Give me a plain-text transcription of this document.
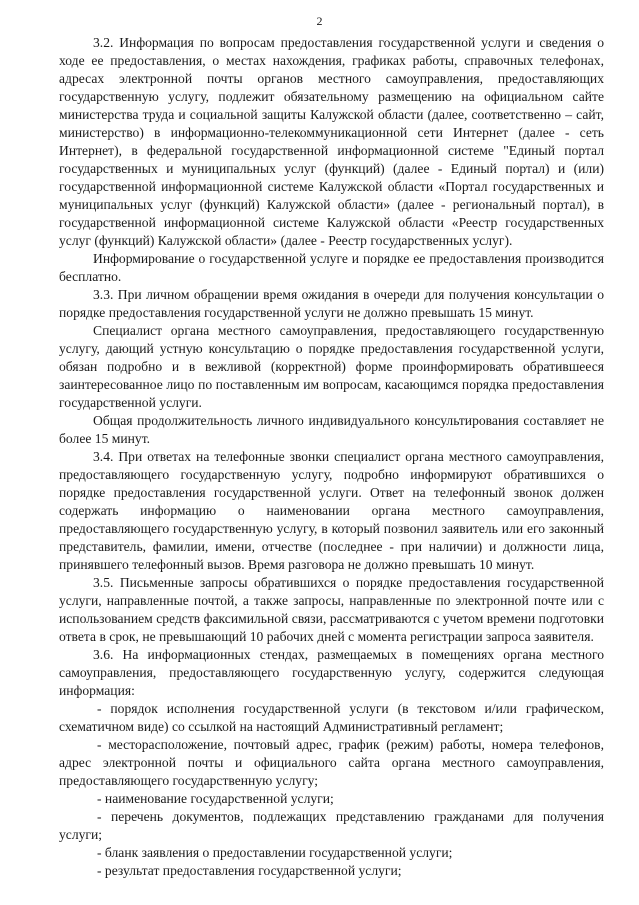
2

3.2. Информация по вопросам предоставления государственной услуги и сведения о ходе ее предоставления, о местах нахождения, графиках работы, справочных телефонах, адресах электронной почты органов местного самоуправления, предоставляющих государственную услугу, подлежит обязательному размещению на официальном сайте министерства труда и социальной защиты Калужской области (далее, соответственно – сайт, министерство) в информационно-телекоммуникационной сети Интернет (далее - сеть Интернет), в федеральной государственной информационной системе "Единый портал государственных и муниципальных услуг (функций) (далее - Единый портал) и (или) государственной информационной системе Калужской области «Портал государственных и муниципальных услуг (функций) Калужской области» (далее - региональный портал), в государственной информационной системе Калужской области «Реестр государственных услуг (функций) Калужской области» (далее - Реестр государственных услуг).

Информирование о государственной услуге и порядке ее предоставления производится бесплатно.

3.3. При личном обращении время ожидания в очереди для получения консультации о порядке предоставления государственной услуги не должно превышать 15 минут.

Специалист органа местного самоуправления, предоставляющего государственную услугу, дающий устную консультацию о порядке предоставления государственной услуги, обязан подробно и в вежливой (корректной) форме проинформировать обратившееся заинтересованное лицо по поставленным им вопросам, касающимся порядка предоставления государственной услуги.

Общая продолжительность личного индивидуального консультирования составляет не более 15 минут.

3.4. При ответах на телефонные звонки специалист органа местного самоуправления, предоставляющего государственную услугу, подробно информируют обратившихся о порядке предоставления государственной услуги. Ответ на телефонный звонок должен содержать информацию о наименовании органа местного самоуправления, предоставляющего государственную услугу, в который позвонил заявитель или его законный представитель, фамилии, имени, отчестве (последнее - при наличии) и должности лица, принявшего телефонный вызов. Время разговора не должно превышать 10 минут.

3.5. Письменные запросы обратившихся о порядке предоставления государственной услуги, направленные почтой, а также запросы, направленные по электронной почте или с использованием средств факсимильной связи, рассматриваются с учетом времени подготовки ответа в срок, не превышающий 10 рабочих дней с момента регистрации запроса заявителя.

3.6. На информационных стендах, размещаемых в помещениях органа местного самоуправления, предоставляющего государственную услугу, содержится следующая информация:

- порядок исполнения государственной услуги (в текстовом и/или графическом, схематичном виде) со ссылкой на настоящий Административный регламент;

- месторасположение, почтовый адрес, график (режим) работы, номера телефонов, адрес электронной почты и официального сайта органа местного самоуправления, предоставляющего государственную услугу;

- наименование государственной услуги;

- перечень документов, подлежащих представлению гражданами для получения услуги;

- бланк заявления о предоставлении государственной услуги;

- результат предоставления государственной услуги;
